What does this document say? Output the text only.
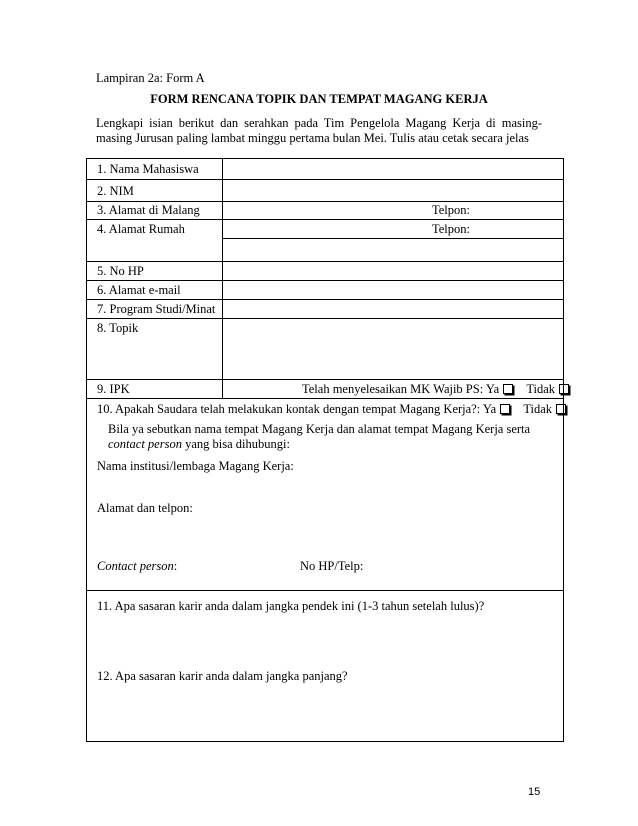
Lampiran 2a: Form A
FORM RENCANA TOPIK DAN TEMPAT MAGANG KERJA
Lengkapi isian berikut dan serahkan pada Tim Pengelola Magang Kerja di masing-masing Jurusan paling lambat minggu pertama bulan Mei. Tulis atau cetak secara jelas
1. Nama Mahasiswa
2. NIM
3. Alamat di Malang
4. Alamat Rumah
5. No HP
6. Alamat e-mail
7. Program Studi/Minat
8. Topik
9. IPK
Telpon:
Telpon:
Telah menyelesaikan MK Wajib PS: Ya Tidak
10. Apakah Saudara telah melakukan kontak dengan tempat Magang Kerja?: Ya Tidak
Bila ya sebutkan nama tempat Magang Kerja dan alamat tempat Magang Kerja serta contact person yang bisa dihubungi:
Nama institusi/lembaga Magang Kerja:
Alamat dan telpon:
Contact person:	No HP/Telp:
11. Apa sasaran karir anda dalam jangka pendek ini (1-3 tahun setelah lulus)?
12. Apa sasaran karir anda dalam jangka panjang?
15
